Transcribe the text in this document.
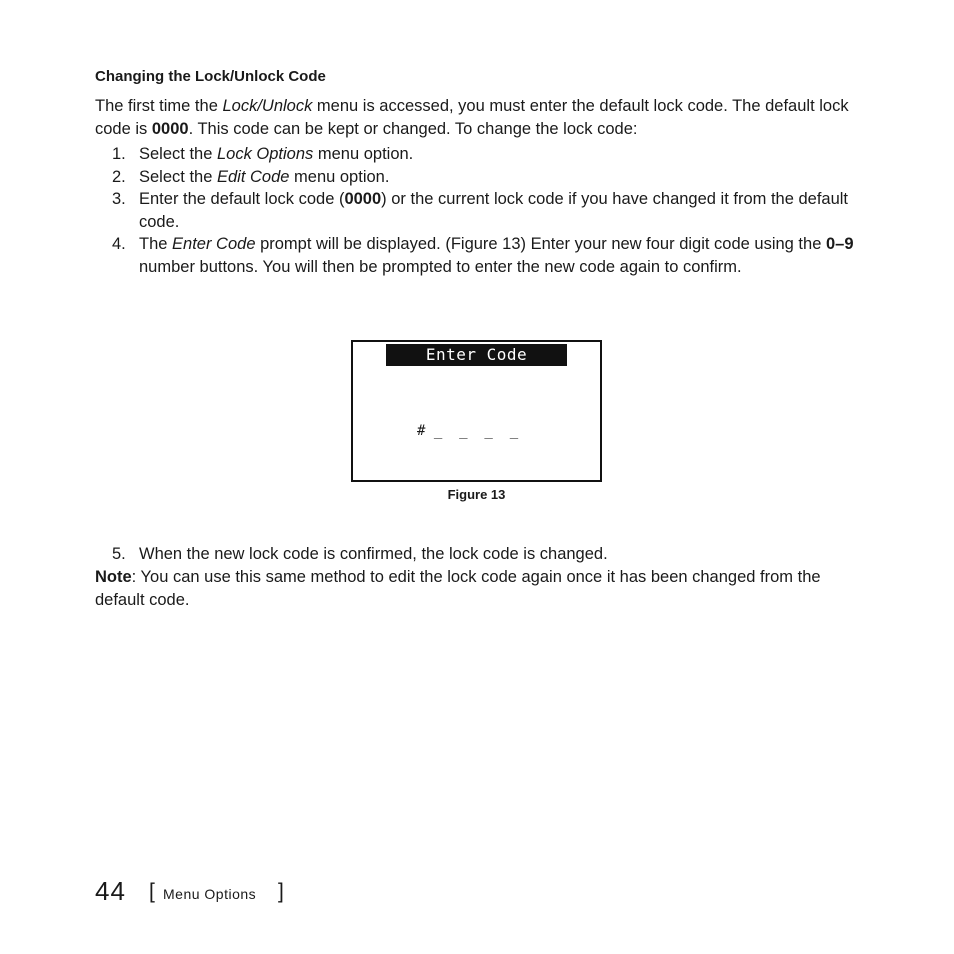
Changing the Lock/Unlock Code

The first time the Lock/Unlock menu is accessed, you must enter the default lock code. The default lock code is 0000. This code can be kept or changed. To change the lock code:

1. Select the Lock Options menu option.
2. Select the Edit Code menu option.
3. Enter the default lock code (0000) or the current lock code if you have changed it from the default code.
4. The Enter Code prompt will be displayed. (Figure 13) Enter your new four digit code using the 0–9 number buttons. You will then be prompted to enter the new code again to confirm.
Enter Code
# _  _  _  _

Figure 13

5. When the new lock code is confirmed, the lock code is changed.

Note: You can use this same method to edit the lock code again once it has been changed from the default code.

44 [ Menu Options ]
